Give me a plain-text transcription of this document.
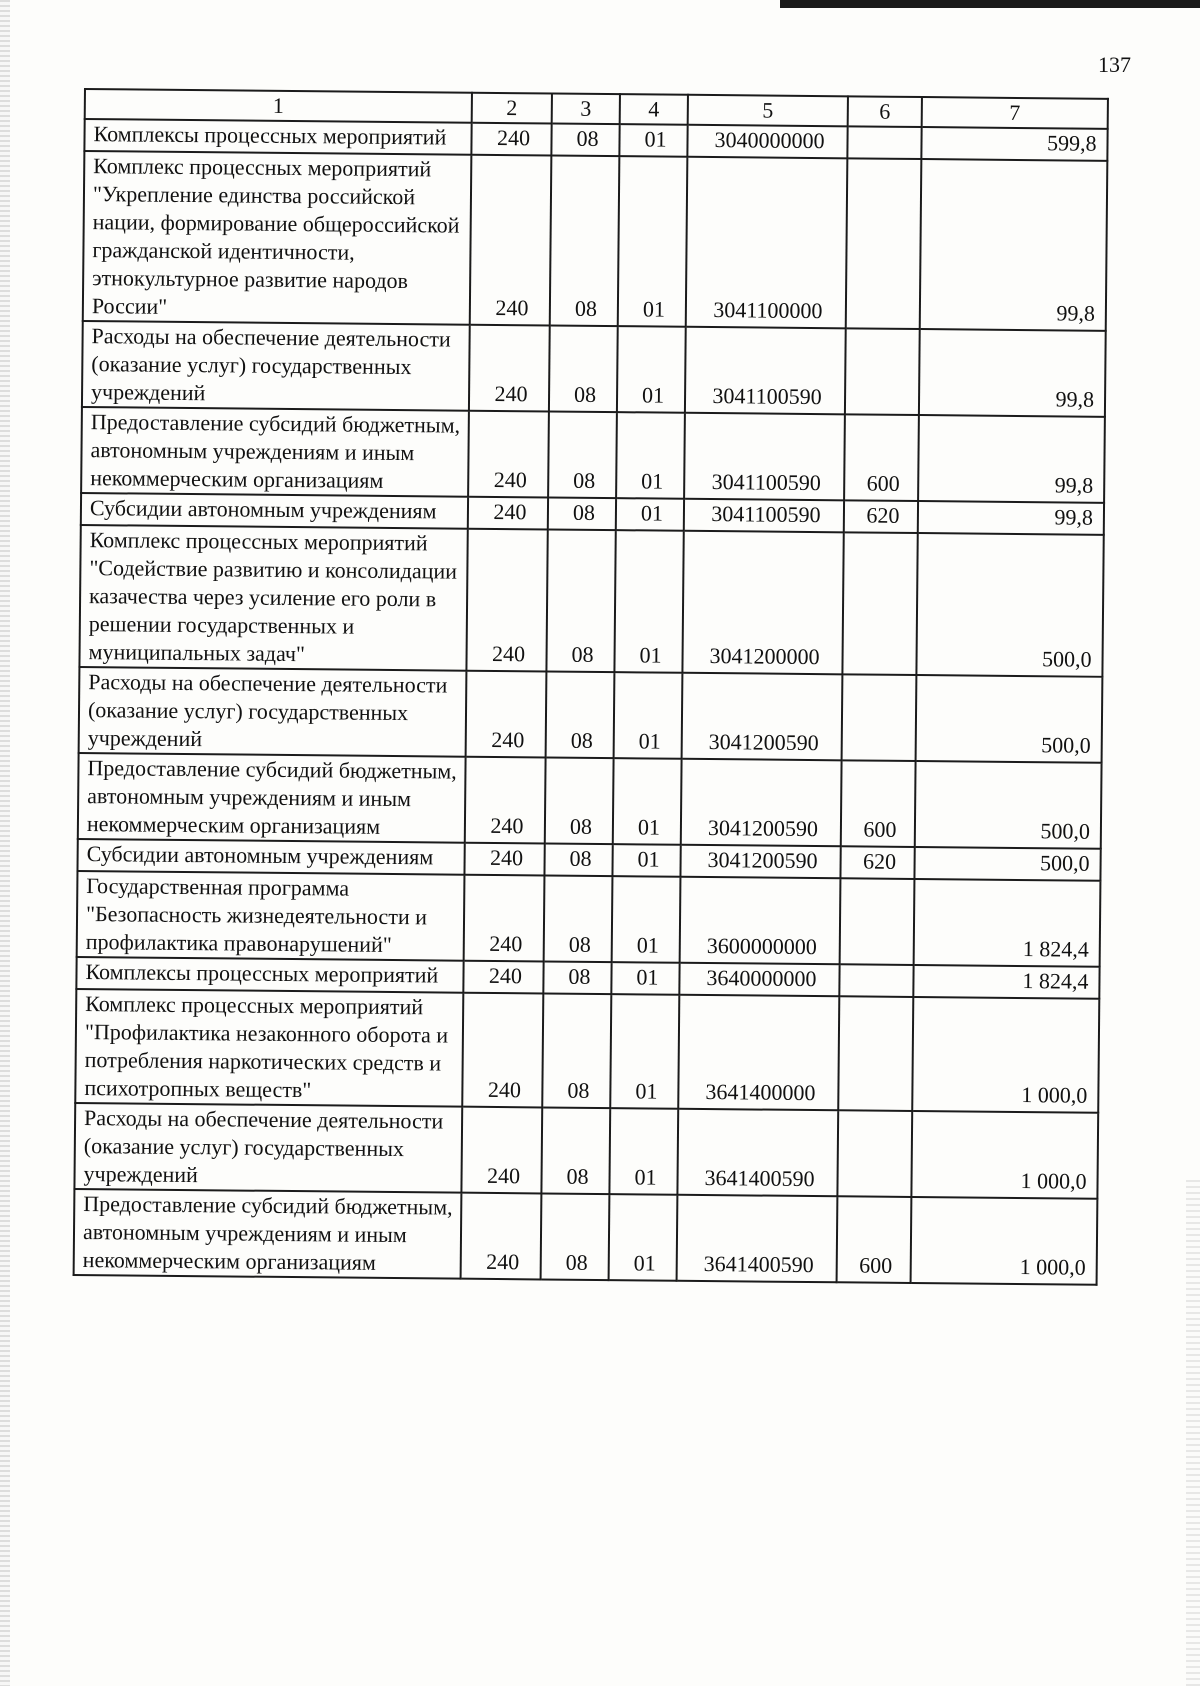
137
1	2	3	4	5	6	7
Комплексы процессных мероприятий	240	08	01	3040000000		599,8
Комплекс процессных мероприятий "Укрепление единства российской нации, формирование общероссийской гражданской идентичности, этнокультурное развитие народов России"	240	08	01	3041100000		99,8
Расходы на обеспечение деятельности (оказание услуг) государственных учреждений	240	08	01	3041100590		99,8
Предоставление субсидий бюджетным, автономным учреждениям и иным некоммерческим организациям	240	08	01	3041100590	600	99,8
Субсидии автономным учреждениям	240	08	01	3041100590	620	99,8
Комплекс процессных мероприятий "Содействие развитию и консолидации казачества через усиление его роли в решении государственных и муниципальных задач"	240	08	01	3041200000		500,0
Расходы на обеспечение деятельности (оказание услуг) государственных учреждений	240	08	01	3041200590		500,0
Предоставление субсидий бюджетным, автономным учреждениям и иным некоммерческим организациям	240	08	01	3041200590	600	500,0
Субсидии автономным учреждениям	240	08	01	3041200590	620	500,0
Государственная программа "Безопасность жизнедеятельности и профилактика правонарушений"	240	08	01	3600000000		1 824,4
Комплексы процессных мероприятий	240	08	01	3640000000		1 824,4
Комплекс процессных мероприятий "Профилактика незаконного оборота и потребления наркотических средств и психотропных веществ"	240	08	01	3641400000		1 000,0
Расходы на обеспечение деятельности (оказание услуг) государственных учреждений	240	08	01	3641400590		1 000,0
Предоставление субсидий бюджетным, автономным учреждениям и иным некоммерческим организациям	240	08	01	3641400590	600	1 000,0
